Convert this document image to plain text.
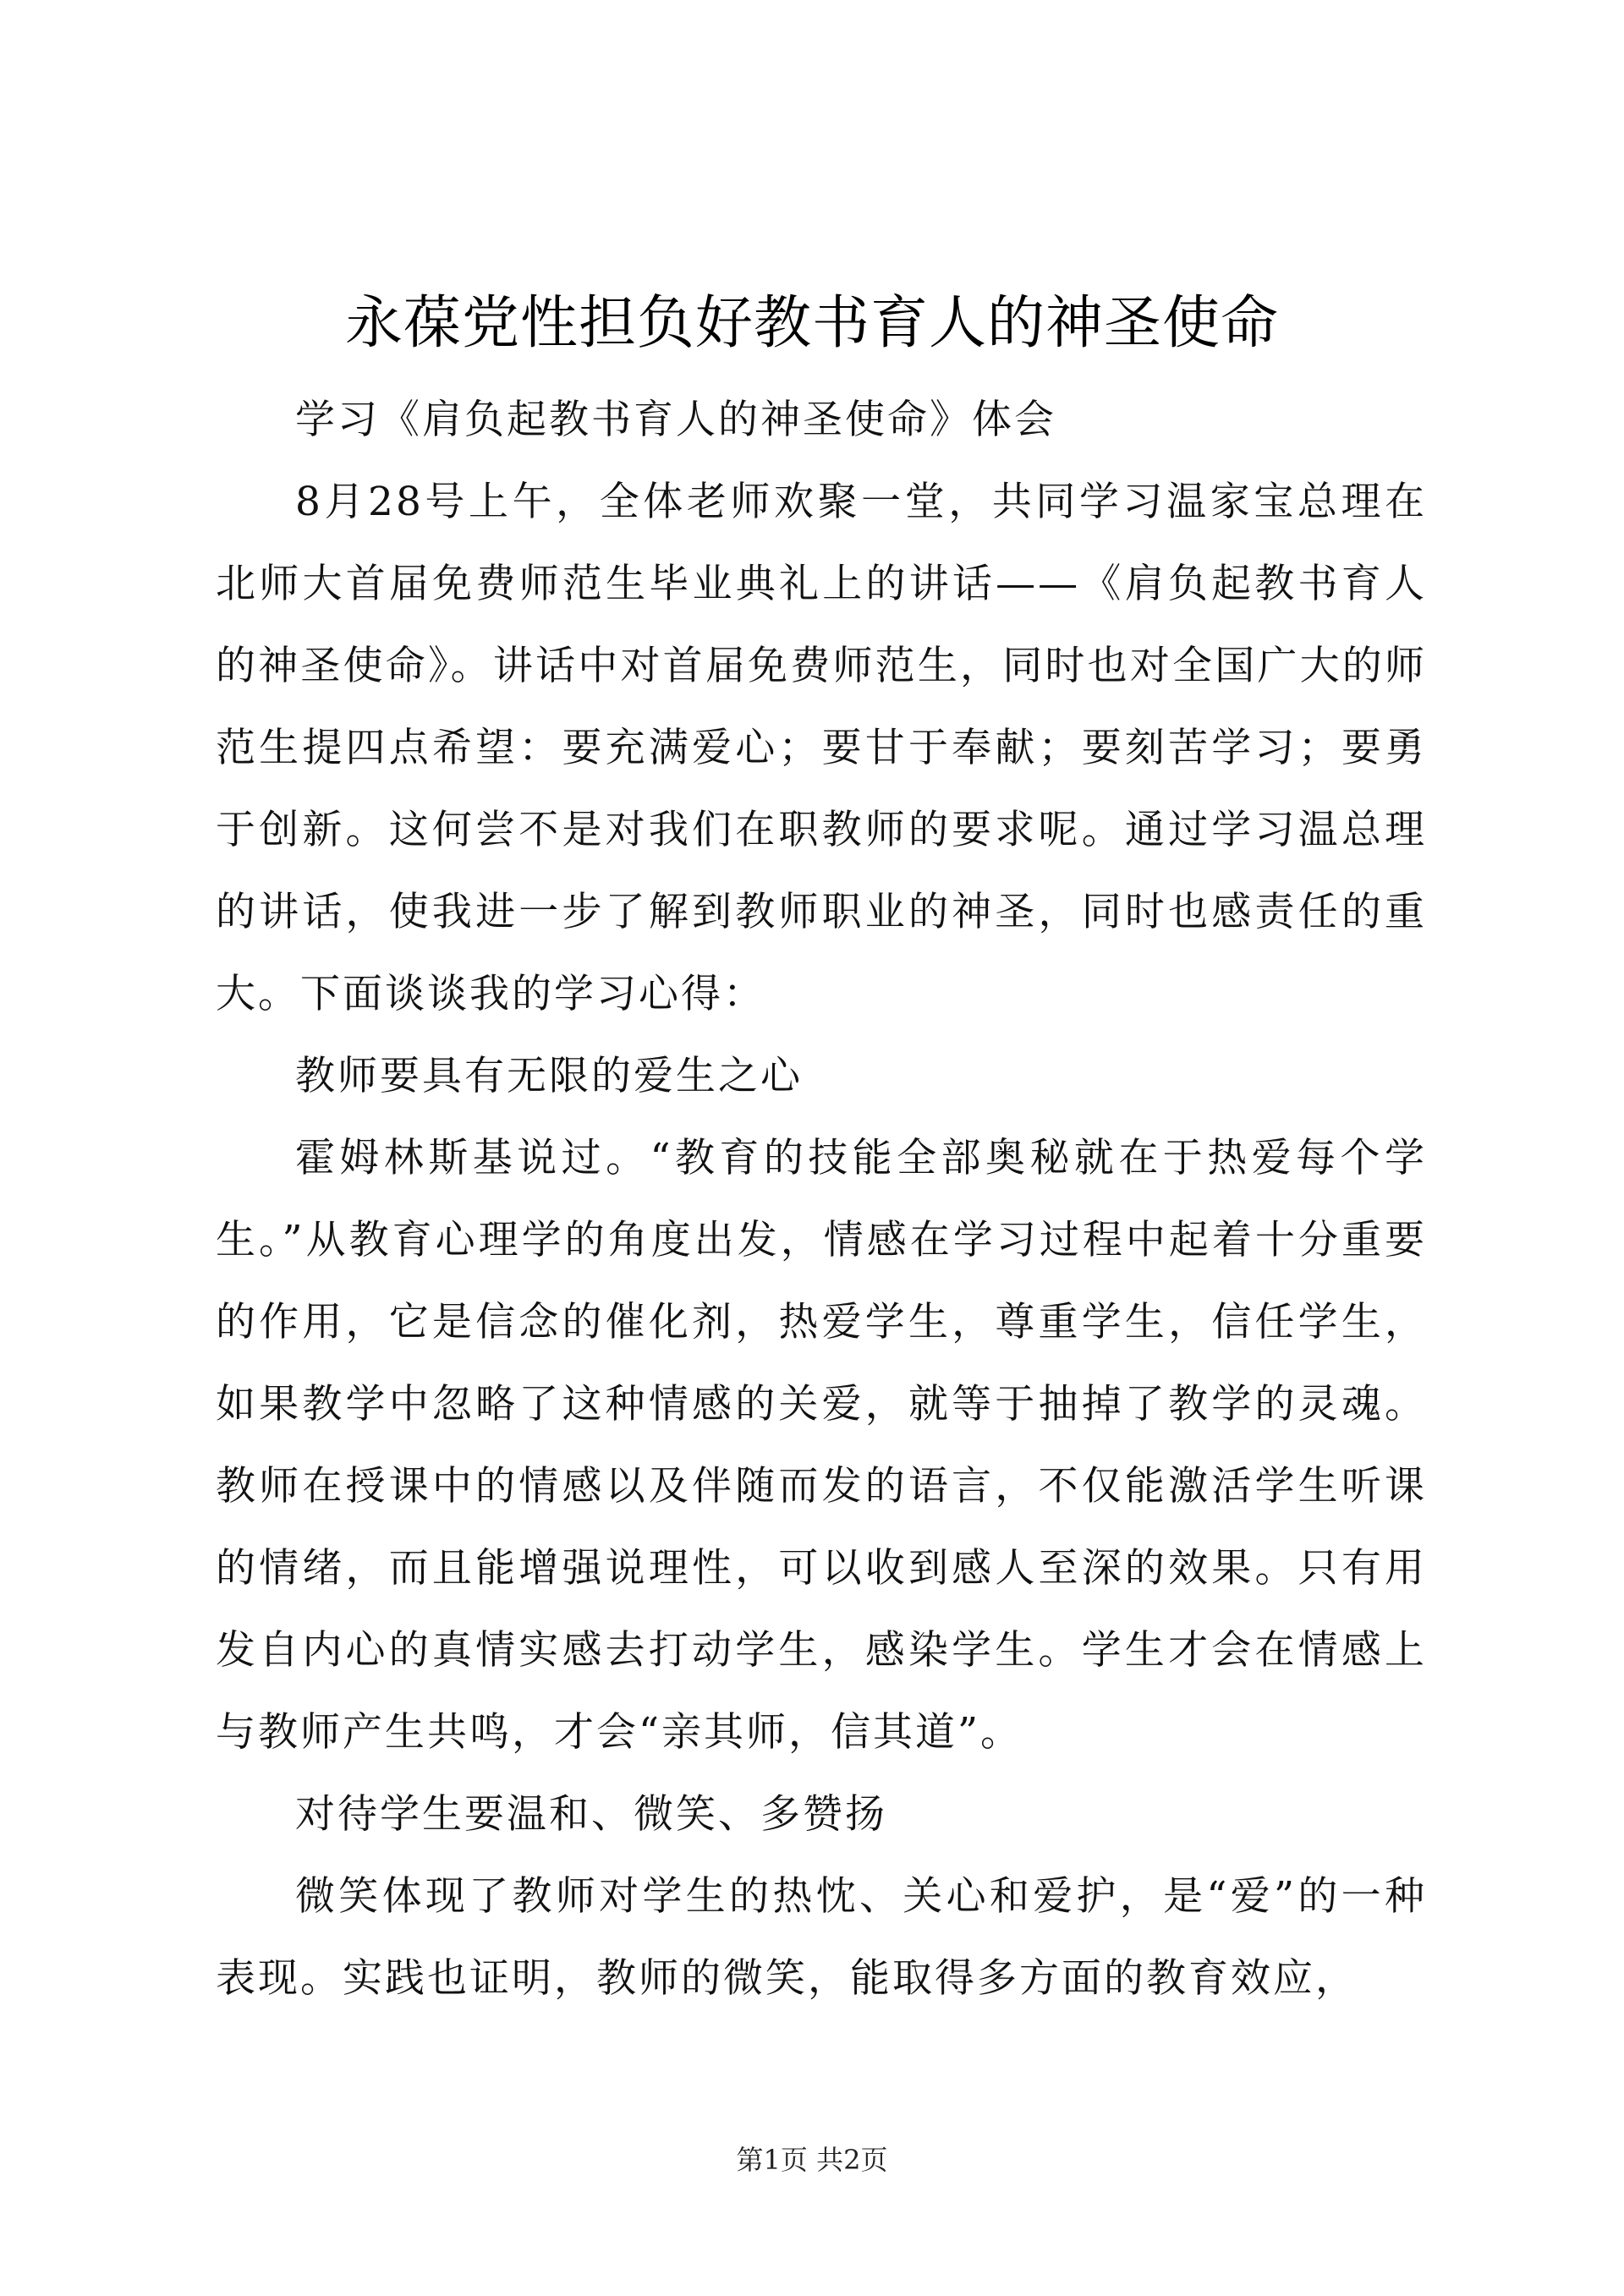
永葆党性担负好教书育人的神圣使命

学习《肩负起教书育人的神圣使命》体会

8月28号上午，全体老师欢聚一堂，共同学习温家宝总理在北师大首届免费师范生毕业典礼上的讲话——《肩负起教书育人的神圣使命》。讲话中对首届免费师范生，同时也对全国广大的师范生提四点希望：要充满爱心；要甘于奉献；要刻苦学习；要勇于创新。这何尝不是对我们在职教师的要求呢。通过学习温总理的讲话，使我进一步了解到教师职业的神圣，同时也感责任的重大。下面谈谈我的学习心得：

教师要具有无限的爱生之心

霍姆林斯基说过。“教育的技能全部奥秘就在于热爱每个学生。”从教育心理学的角度出发，情感在学习过程中起着十分重要的作用，它是信念的催化剂，热爱学生，尊重学生，信任学生，如果教学中忽略了这种情感的关爱，就等于抽掉了教学的灵魂。教师在授课中的情感以及伴随而发的语言，不仅能激活学生听课的情绪，而且能增强说理性，可以收到感人至深的效果。只有用发自内心的真情实感去打动学生，感染学生。学生才会在情感上与教师产生共鸣，才会“亲其师，信其道”。

对待学生要温和、微笑、多赞扬

微笑体现了教师对学生的热忱、关心和爱护，是“爱”的一种表现。实践也证明，教师的微笑，能取得多方面的教育效应，

第1页 共2页
